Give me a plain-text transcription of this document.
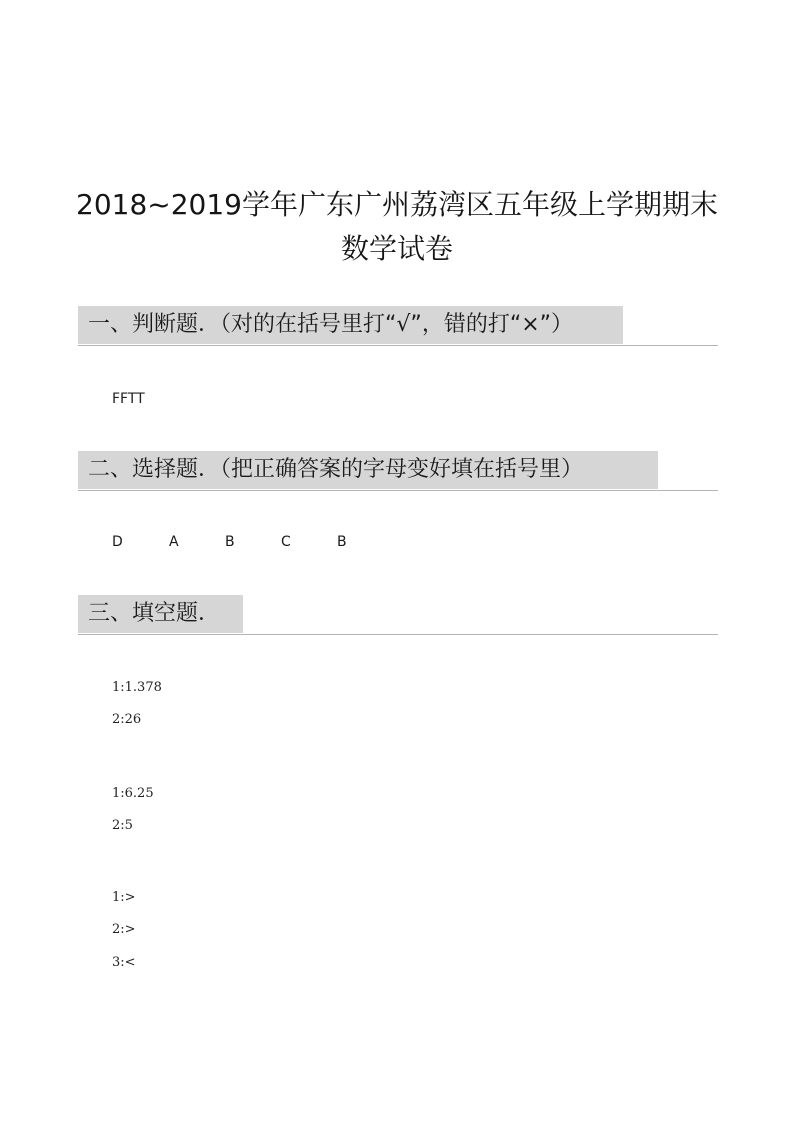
2018~2019学年广东广州荔湾区五年级上学期期末
数学试卷
一、判断题．（对的在括号里打“√”，错的打“×”）

FFTT

二、选择题．（把正确答案的字母变好填在括号里）
D	A	B	C	B
三、填空题．

1:1.378

2:26

1:6.25

2:5

1:>

2:>

3:<
